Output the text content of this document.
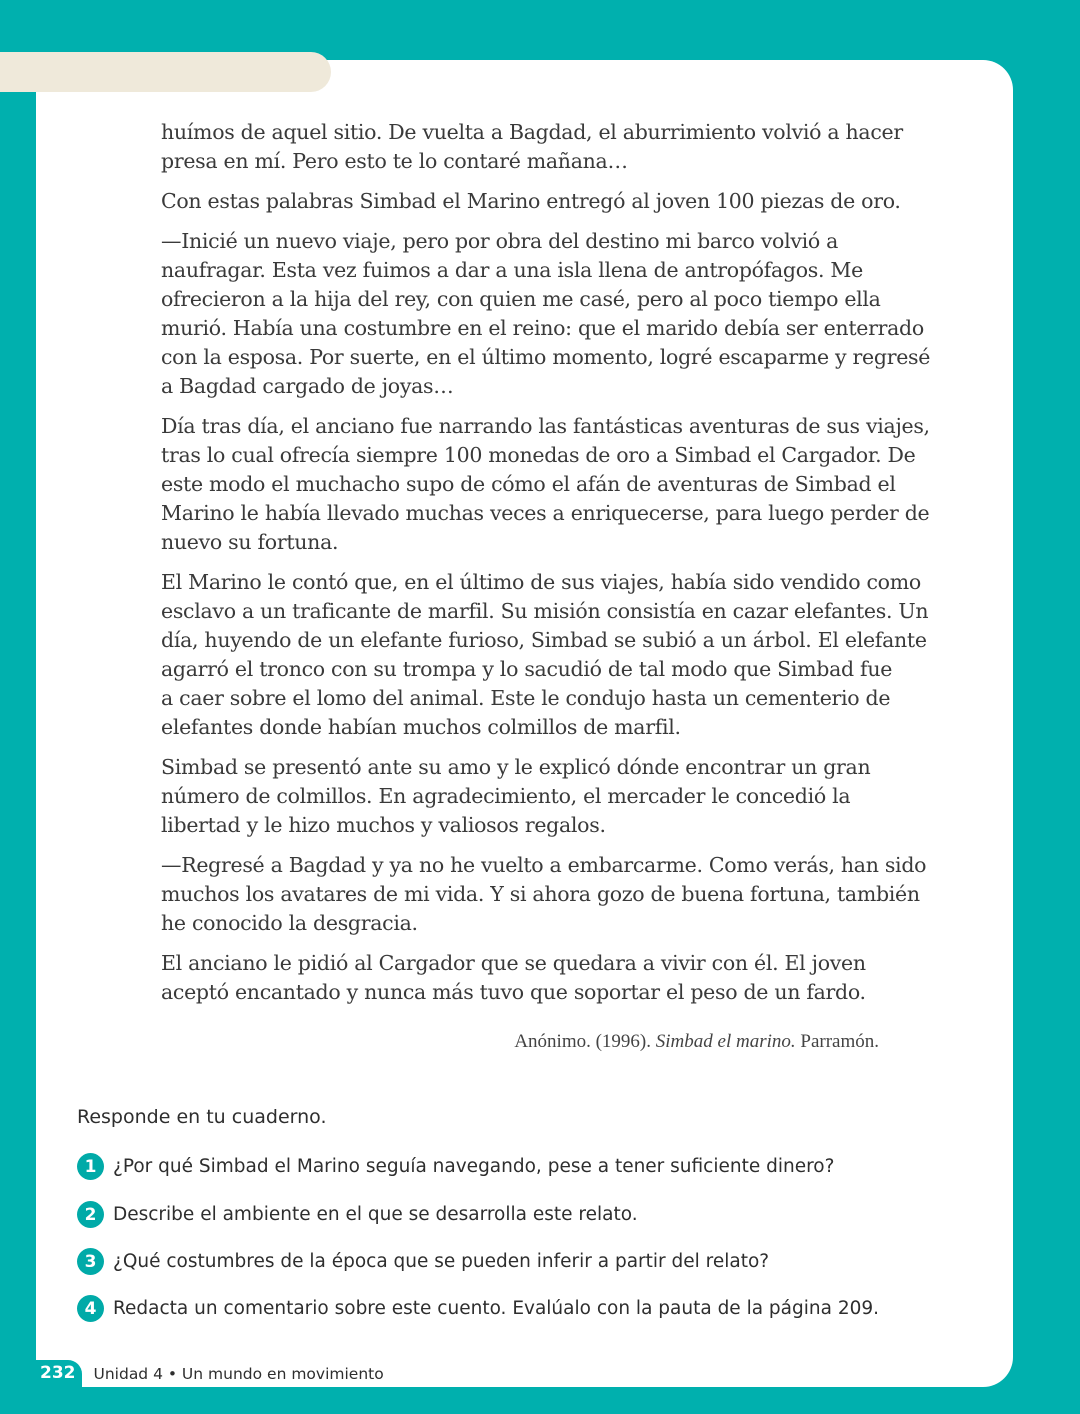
huímos de aquel sitio. De vuelta a Bagdad, el aburrimiento volvió a hacer
presa en mí. Pero esto te lo contaré mañana…

Con estas palabras Simbad el Marino entregó al joven 100 piezas de oro.

—Inicié un nuevo viaje, pero por obra del destino mi barco volvió a
naufragar. Esta vez fuimos a dar a una isla llena de antropófagos. Me
ofrecieron a la hija del rey, con quien me casé, pero al poco tiempo ella
murió. Había una costumbre en el reino: que el marido debía ser enterrado
con la esposa. Por suerte, en el último momento, logré escaparme y regresé
a Bagdad cargado de joyas…

Día tras día, el anciano fue narrando las fantásticas aventuras de sus viajes,
tras lo cual ofrecía siempre 100 monedas de oro a Simbad el Cargador. De
este modo el muchacho supo de cómo el afán de aventuras de Simbad el
Marino le había llevado muchas veces a enriquecerse, para luego perder de
nuevo su fortuna.

El Marino le contó que, en el último de sus viajes, había sido vendido como
esclavo a un traficante de marfil. Su misión consistía en cazar elefantes. Un
día, huyendo de un elefante furioso, Simbad se subió a un árbol. El elefante
agarró el tronco con su trompa y lo sacudió de tal modo que Simbad fue
a caer sobre el lomo del animal. Este le condujo hasta un cementerio de
elefantes donde habían muchos colmillos de marfil.

Simbad se presentó ante su amo y le explicó dónde encontrar un gran
número de colmillos. En agradecimiento, el mercader le concedió la
libertad y le hizo muchos y valiosos regalos.

—Regresé a Bagdad y ya no he vuelto a embarcarme. Como verás, han sido
muchos los avatares de mi vida. Y si ahora gozo de buena fortuna, también
he conocido la desgracia.

El anciano le pidió al Cargador que se quedara a vivir con él. El joven
aceptó encantado y nunca más tuvo que soportar el peso de un fardo.

Anónimo. (1996). Simbad el marino. Parramón.
Responde en tu cuaderno.
1 ¿Por qué Simbad el Marino seguía navegando, pese a tener suficiente dinero?
2 Describe el ambiente en el que se desarrolla este relato.
3 ¿Qué costumbres de la época que se pueden inferir a partir del relato?
4 Redacta un comentario sobre este cuento. Evalúalo con la pauta de la página 209.
232	Unidad 4 • Un mundo en movimiento
